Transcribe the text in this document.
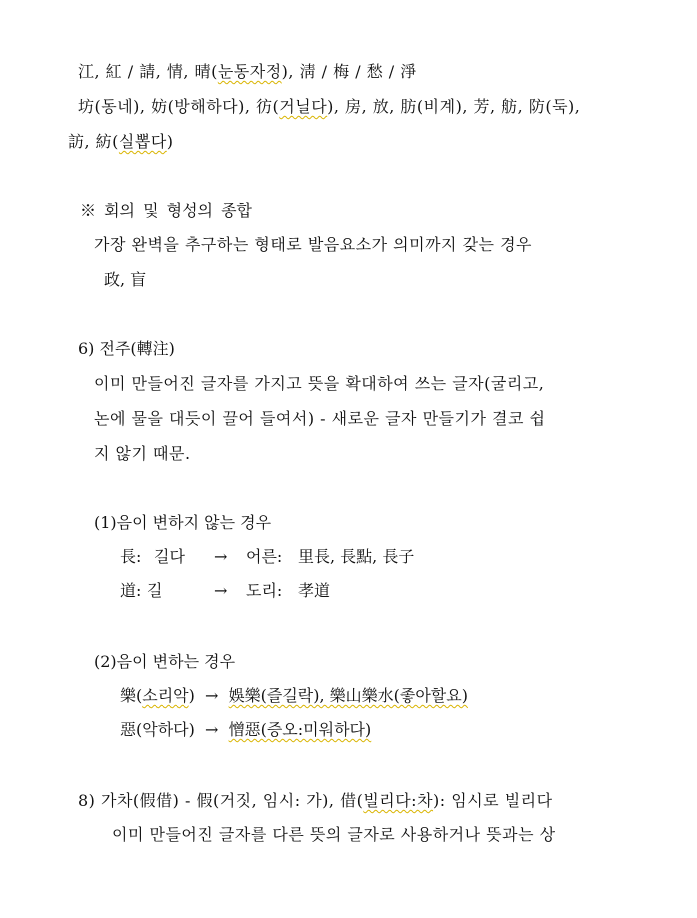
江, 紅 / 請, 情, 晴(눈동자정), 淸 / 梅 / 愁 / 淨
坊(동네), 妨(방해하다), 彷(거닐다), 房, 放, 肪(비계), 芳, 舫, 防(둑),
訪, 紡(실뽑다)
※ 회의 및 형성의 종합
가장 완벽을 추구하는 형태로 발음요소가 의미까지 갖는 경우
政, 盲
6) 전주(轉注)
이미 만들어진 글자를 가지고 뜻을 확대하여 쓰는 글자(굴리고,
논에 물을 대듯이 끌어 들여서) - 새로운 글자 만들기가 결코 쉽
지 않기 때문.
(1)음이 변하지 않는 경우
長: 길다 → 어른: 里長, 長點, 長子
道: 길	→ 도리: 孝道
(2)음이 변하는 경우
樂(소리악)  →  娛樂(즐길락), 樂山樂水(좋아할요)
惡(악하다)  →  憎惡(증오:미워하다)
8) 가차(假借) - 假(거짓, 임시: 가), 借(빌리다:차): 임시로 빌리다
이미 만들어진 글자를 다른 뜻의 글자로 사용하거나 뜻과는 상
